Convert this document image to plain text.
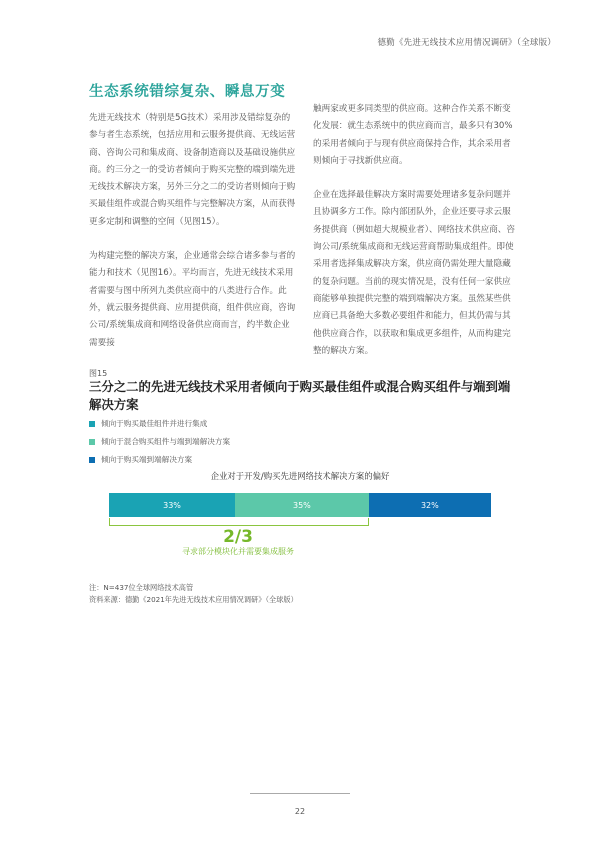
德勤《先进无线技术应用情况调研》（全球版）
生态系统错综复杂、瞬息万变

先进无线技术（特别是5G技术）采用涉及错综复杂的参与者生态系统，包括应用和云服务提供商、无线运营商、咨询公司和集成商、设备制造商以及基础设施供应商。约三分之一的受访者倾向于购买完整的端到端先进无线技术解决方案，另外三分之二的受访者则倾向于购买最佳组件或混合购买组件与完整解决方案，从而获得更多定制和调整的空间（见图15）。

为构建完整的解决方案，企业通常会综合诸多参与者的能力和技术（见图16）。平均而言，先进无线技术采用者需要与图中所列九类供应商中的八类进行合作。此外，就云服务提供商、应用提供商，组件供应商，咨询公司/系统集成商和网络设备供应商而言，约半数企业需要接

触两家或更多同类型的供应商。这种合作关系不断变化发展：就生态系统中的供应商而言，最多只有30%的采用者倾向于与现有供应商保持合作，其余采用者则倾向于寻找新供应商。

企业在选择最佳解决方案时需要处理诸多复杂问题并且协调多方工作。除内部团队外，企业还要寻求云服务提供商（例如超大规模业者）、网络技术供应商、咨询公司/系统集成商和无线运营商帮助集成组件。即使采用者选择集成解决方案，供应商仍需处理大量隐藏的复杂问题。当前的现实情况是，没有任何一家供应商能够单独提供完整的端到端解决方案。虽然某些供应商已具备绝大多数必要组件和能力，但其仍需与其他供应商合作，以获取和集成更多组件，从而构建完整的解决方案。

图15
三分之二的先进无线技术采用者倾向于购买最佳组件或混合购买组件与端到端解决方案
倾向于购买最佳组件并进行集成
倾向于混合购买组件与端到端解决方案
倾向于购买端到端解决方案
企业对于开发/购买先进网络技术解决方案的偏好
33%	35%	32%
2/3
寻求部分模块化并需要集成服务

注：N=437位全球网络技术高管

资料来源：德勤《2021年先进无线技术应用情况调研》（全球版）

22
